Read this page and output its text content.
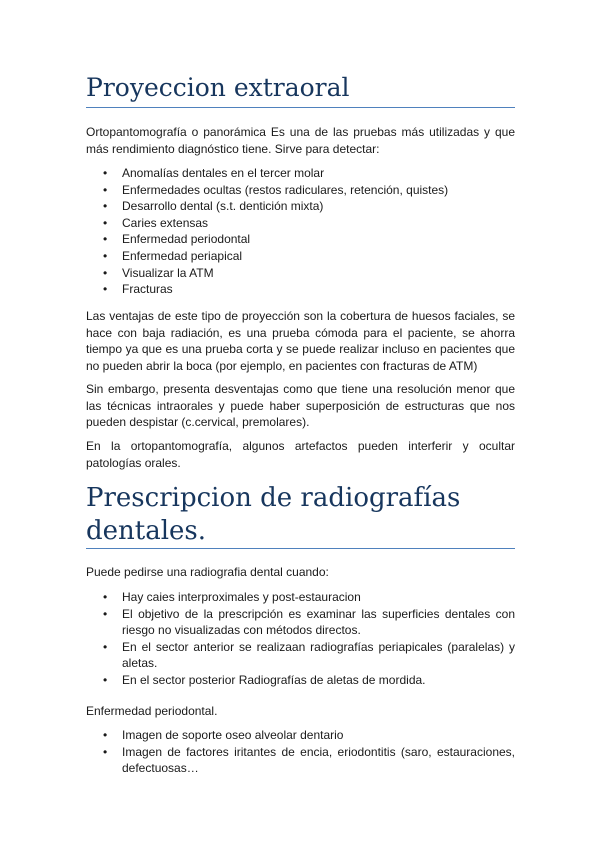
Proyeccion extraoral

Ortopantomografía o panorámica Es una de las pruebas más utilizadas y que más rendimiento diagnóstico tiene. Sirve para detectar:

• Anomalías dentales en el tercer molar
• Enfermedades ocultas (restos radiculares, retención, quistes)
• Desarrollo dental (s.t. dentición mixta)
• Caries extensas
• Enfermedad periodontal
• Enfermedad periapical
• Visualizar la ATM
• Fracturas

Las ventajas de este tipo de proyección son la cobertura de huesos faciales, se hace con baja radiación, es una prueba cómoda para el paciente, se ahorra tiempo ya que es una prueba corta y se puede realizar incluso en pacientes que no pueden abrir la boca (por ejemplo, en pacientes con fracturas de ATM)

Sin embargo, presenta desventajas como que tiene una resolución menor que las técnicas intraorales y puede haber superposición de estructuras que nos pueden despistar (c.cervical, premolares).

En la ortopantomografía, algunos artefactos pueden interferir y ocultar patologías orales.

Prescripcion de radiografías
dentales.

Puede pedirse una radiografia dental cuando:

• Hay caies interproximales y post-estauracion
• El objetivo de la prescripción es examinar las superficies dentales con riesgo no visualizadas con métodos directos.
• En el sector anterior se realizaan radiografías periapicales (paralelas) y aletas.
• En el sector posterior Radiografías de aletas de mordida.

Enfermedad periodontal.

• Imagen de soporte oseo alveolar dentario
• Imagen de factores iritantes de encia, eriodontitis (saro, estauraciones, defectuosas…
